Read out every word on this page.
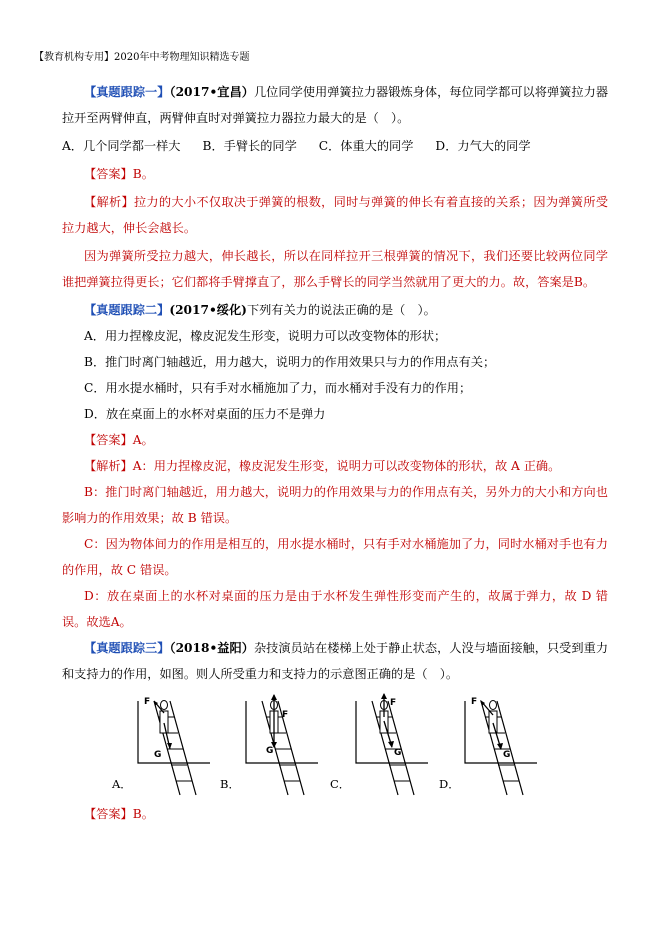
【教育机构专用】2020年中考物理知识精选专题

【真题跟踪一】（2017•宜昌）几位同学使用弹簧拉力器锻炼身体，每位同学都可以将弹簧拉力器拉开至两臂伸直，两臂伸直时对弹簧拉力器拉力最大的是（　）。

A．几个同学都一样大 B．手臂长的同学 C．体重大的同学 D．力气大的同学

【答案】B。

【解析】拉力的大小不仅取决于弹簧的根数，同时与弹簧的伸长有着直接的关系；因为弹簧所受拉力越大，伸长会越长。

因为弹簧所受拉力越大，伸长越长，所以在同样拉开三根弹簧的情况下，我们还要比较两位同学谁把弹簧拉得更长；它们都将手臂撑直了，那么手臂长的同学当然就用了更大的力。故，答案是B。

【真题跟踪二】(2017•绥化)下列有关力的说法正确的是（　）。

A．用力捏橡皮泥，橡皮泥发生形变，说明力可以改变物体的形状；

B．推门时离门轴越近，用力越大，说明力的作用效果只与力的作用点有关；

C．用水提水桶时，只有手对水桶施加了力，而水桶对手没有力的作用；

D．放在桌面上的水杯对桌面的压力不是弹力

【答案】A。

【解析】A：用力捏橡皮泥，橡皮泥发生形变，说明力可以改变物体的形状，故 A 正确。

B：推门时离门轴越近，用力越大，说明力的作用效果与力的作用点有关，另外力的大小和方向也影响力的作用效果；故 B 错误。

C：因为物体间力的作用是相互的，用水提水桶时，只有手对水桶施加了力，同时水桶对手也有力的作用，故 C 错误。

D：放在桌面上的水杯对桌面的压力是由于水杯发生弹性形变而产生的，故属于弹力，故 D 错误。故选A。

【真题跟踪三】（2018•益阳）杂技演员站在楼梯上处于静止状态，人没与墙面接触，只受到重力和支持力的作用，如图。则人所受重力和支持力的示意图正确的是（　）。

A．
F
G
B．
F
G
C．
F
G
D．
F
G

【答案】B。
